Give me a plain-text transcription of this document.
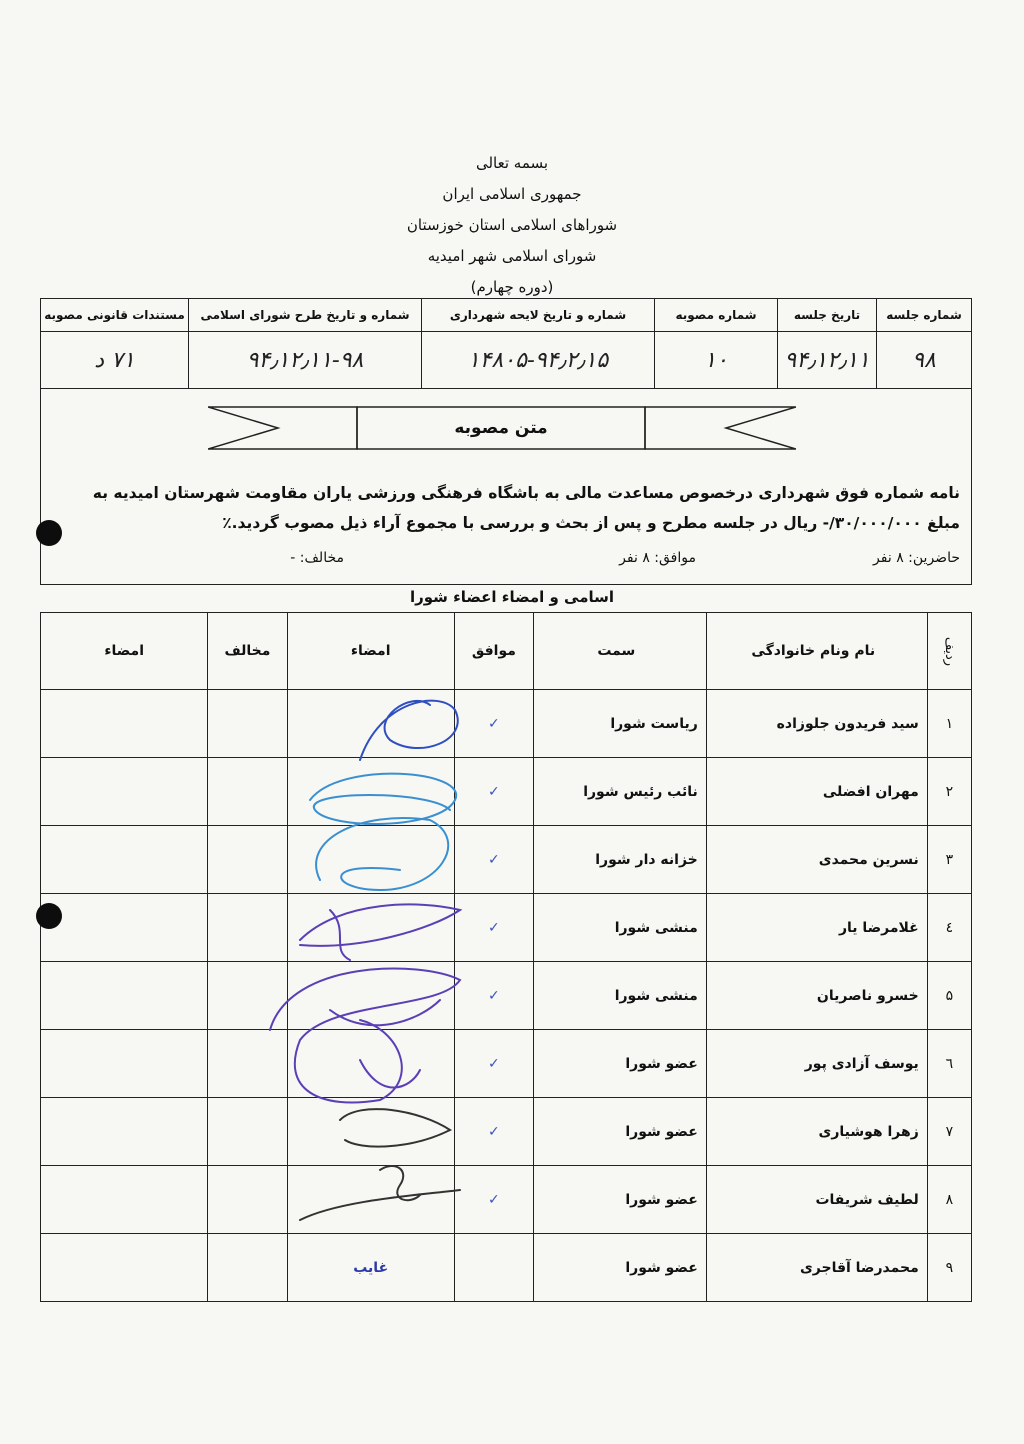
بسمه تعالی
جمهوری اسلامی ایران
شوراهای اسلامی استان خوزستان
شورای اسلامی شهر امیدیه
(دوره چهارم)
شماره جلسه	تاریخ جلسه	شماره مصوبه	شماره و تاریخ لایحه شهرداری	شماره و تاریخ طرح شورای اسلامی	مستندات قانونی مصوبه
۹۸	۹۴٫۱۲٫۱۱	۱۰	۱۴۸۰۵-۹۴٫۲٫۱۵	۹۴٫۱۲٫۱۱-۹۸	۷۱ د
متن مصوبه
نامه شماره فوق شهرداری درخصوص مساعدت مالی به باشگاه فرهنگی ورزشی یاران مقاومت شهرستان امیدیه به مبلغ ۳۰/۰۰۰/۰۰۰/- ریال در جلسه مطرح و پس از بحث و بررسی با مجموع آراء ذیل مصوب گردید.٪
حاضرین: ۸ نفر
موافق: ۸ نفر
مخالف: -
اسامی و امضاء اعضاء شورا
ردیف	نام ونام خانوادگی	سمت	موافق	امضاء	مخالف	امضاء
۱	سید فریدون جلوزاده	ریاست شورا	✓			
۲	مهران افضلی	نائب رئیس شورا	✓			
۳	نسرین محمدی	خزانه دار شورا	✓			
٤	غلامرضا یار	منشی شورا	✓			
۵	خسرو ناصریان	منشی شورا	✓			
٦	یوسف آزادی پور	عضو شورا	✓			
۷	زهرا هوشیاری	عضو شورا	✓			
۸	لطیف شریفات	عضو شورا	✓			
۹	محمدرضا آقاجری	عضو شورا		غایب		
